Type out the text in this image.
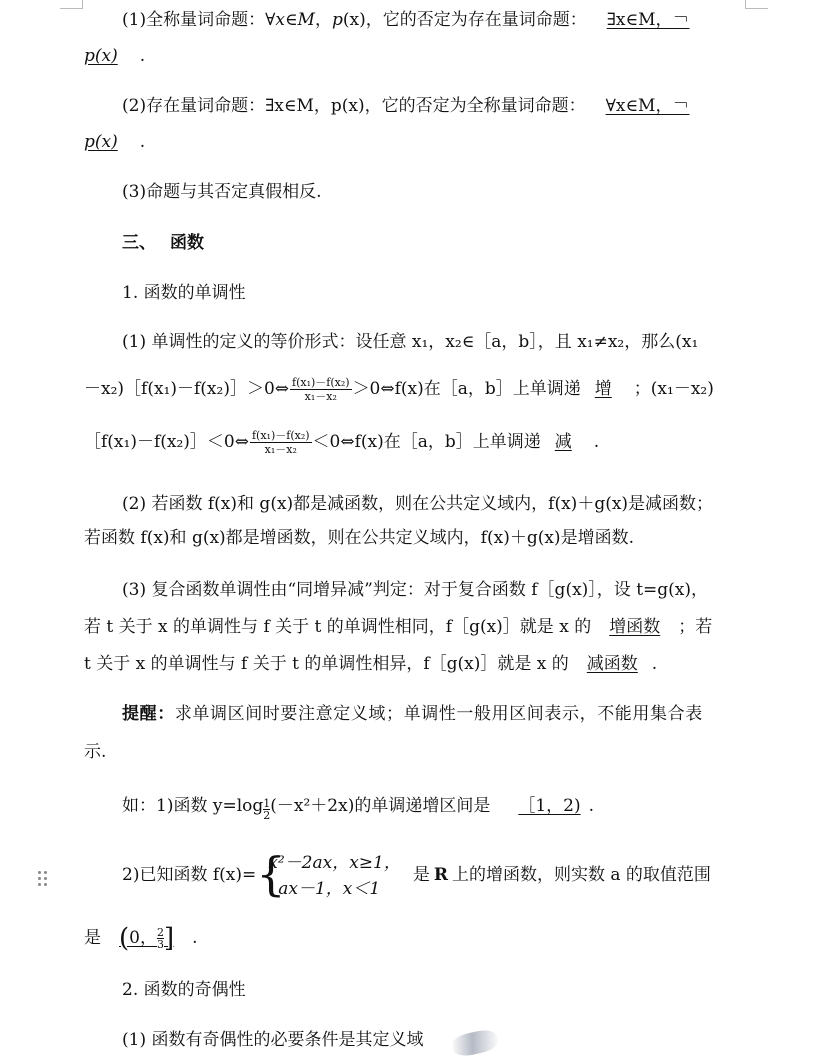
(1)全称量词命题：∀x∈M，p(x)，它的否定为存在量词命题： ∃x∈M，￢
p(x) .
(2)存在量词命题：∃x∈M，p(x)，它的否定为全称量词命题： ∀x∈M，￢
p(x) .
(3)命题与其否定真假相反.
三、 函数
1. 函数的单调性
(1) 单调性的定义的等价形式：设任意 x₁，x₂∈［a，b］，且 x₁≠x₂，那么(x₁
－x₂)［f(x₁)－f(x₂)］＞0⇔ $\frac{\text{f(x₁)－f(x₂)}}{\text{x₁－x₂}}$ ＞0⇔f(x)在［a，b］上单调递 增 ；(x₁－x₂)
［f(x₁)－f(x₂)］＜0⇔ $\frac{\text{f(x₁)－f(x₂)}}{\text{x₁－x₂}}$ ＜0⇔f(x)在［a，b］上单调递 减 .
(2) 若函数 f(x)和 g(x)都是减函数，则在公共定义域内，f(x)＋g(x)是减函数；
若函数 f(x)和 g(x)都是增函数，则在公共定义域内，f(x)＋g(x)是增函数.
(3) 复合函数单调性由“同增异减”判定：对于复合函数 f［g(x)］，设 t=g(x)，
若 t 关于 x 的单调性与 f 关于 t 的单调性相同，f［g(x)］就是 x 的 增函数 ；若
t 关于 x 的单调性与 f 关于 t 的单调性相异，f［g(x)］就是 x 的 减函数 .
提醒：求单调区间时要注意定义域；单调性一般用区间表示，不能用集合表
示.
如：1)函数 $y=\log \frac{1}{2}(-x^2+2x)$的单调递增区间是 ［1，2) .
2)已知函数 f(x)= {
x²－2ax，x≥1，
ax－1，x＜1
是 R 上的增函数，则实数 a 的取值范围
是 (0， $\frac{2}{3}$] .
2. 函数的奇偶性
(1) 函数有奇偶性的必要条件是其定义域
